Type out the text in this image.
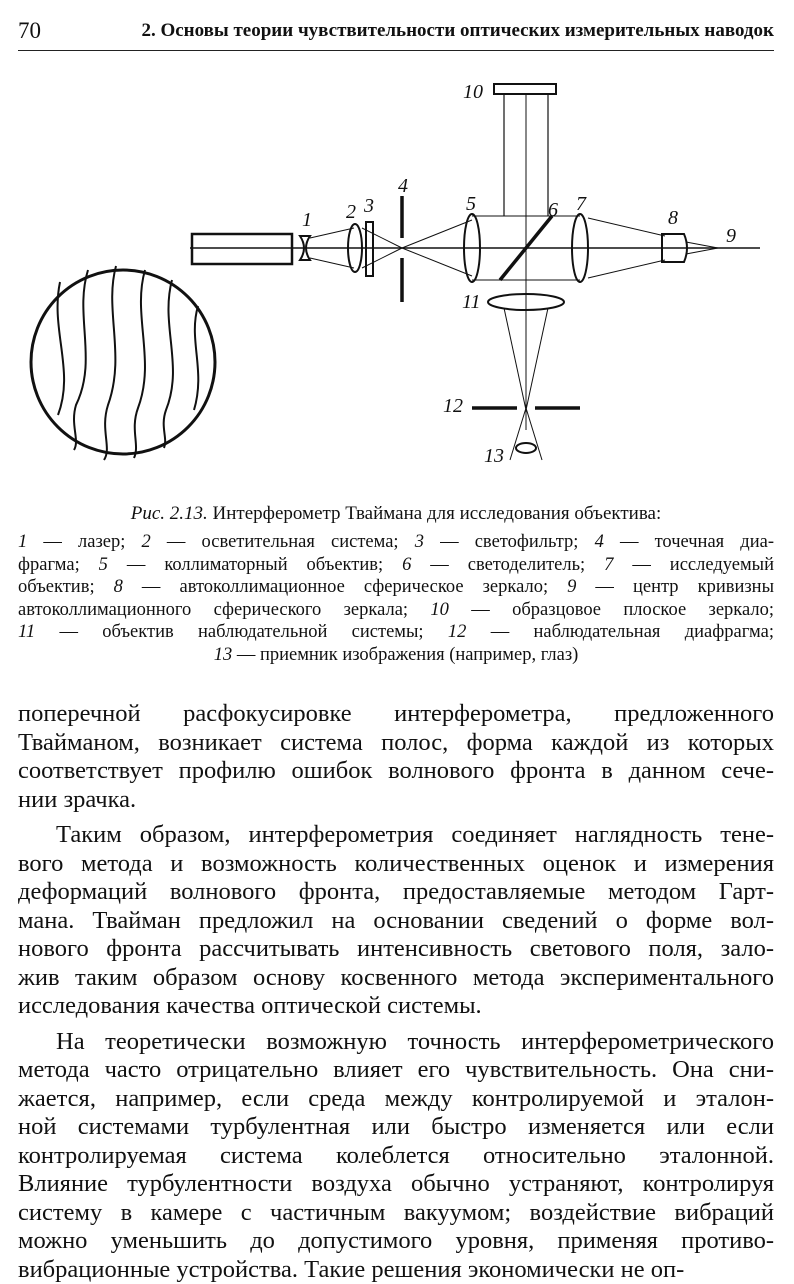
70	2. Основы теории чувствительности оптических измерительных наводок
10
4
1 2 3	5	6 7
8
9
11
12
13
Рис. 2.13. Интерферометр Тваймана для исследования объектива:
1 — лазер; 2 — осветительная система; 3 — светофильтр; 4 — точечная диа-
фрагма; 5 — коллиматорный объектив; 6 — светоделитель; 7 — исследуемый
объектив; 8 — автоколлимационное сферическое зеркало; 9 — центр кривизны
автоколлимационного сферического зеркала; 10 — образцовое плоское зеркало;
11 — объектив наблюдательной системы; 12 — наблюдательная диафрагма;
13 — приемник изображения (например, глаз)
поперечной расфокусировке интерферометра, предложенного
Тваймaном, возникает система полос, форма каждой из которых
соответствует профилю ошибок волнового фронта в данном сече-
нии зрачка.
Таким образом, интерферометрия соединяет наглядность тене-
вого метода и возможность количественных оценок и измерения
деформаций волнового фронта, предоставляемые методом Гарт-
мана. Тваймaн предложил на основании сведений о форме вол-
нового фронта рассчитывать интенсивность светового поля, зало-
жив таким образом основу косвенного метода экспериментального
исследования качества оптической системы.
На теоретически возможную точность интерферометрического
метода часто отрицательно влияет его чувствительность. Она сни-
жается, например, если среда между контролируемой и эталон-
ной системами турбулентная или быстро изменяется или если
контролируемая система колеблется относительно эталонной.
Влияние турбулентности воздуха обычно устраняют, контролируя
систему в камере с частичным вакуумом; воздействие вибраций
можно уменьшить до допустимого уровня, применяя противо-
вибрационные устройства. Такие решения экономически не оп-
